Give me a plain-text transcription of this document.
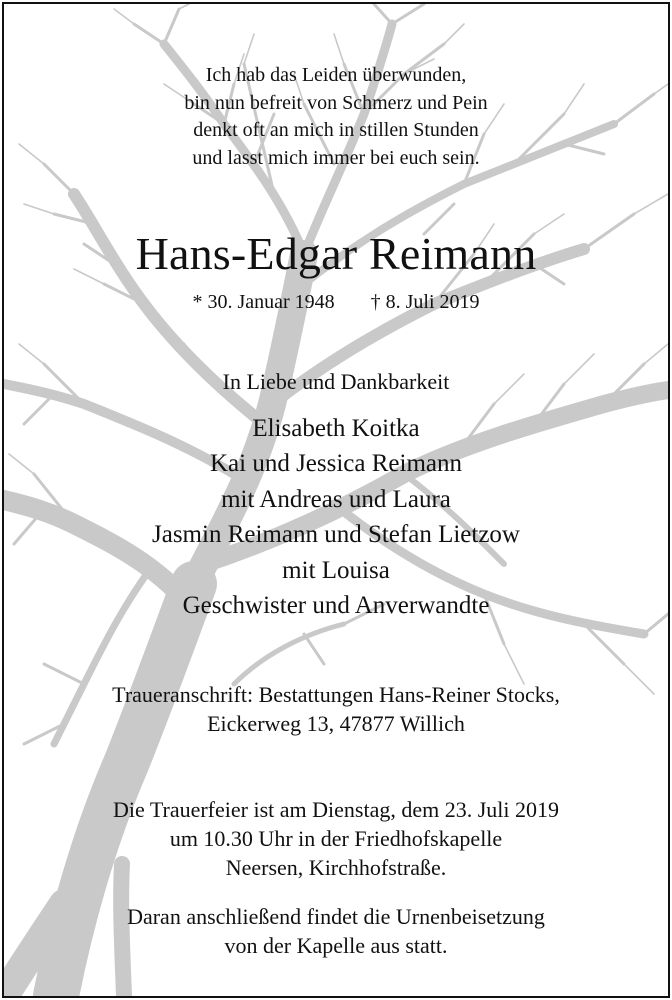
Ich hab das Leiden überwunden,
bin nun befreit von Schmerz und Pein
denkt oft an mich in stillen Stunden
und lasst mich immer bei euch sein.
Hans-Edgar Reimann
* 30. Januar 1948 † 8. Juli 2019
In Liebe und Dankbarkeit
Elisabeth Koitka
Kai und Jessica Reimann
mit Andreas und Laura
Jasmin Reimann und Stefan Lietzow
mit Louisa
Geschwister und Anverwandte
Traueranschrift: Bestattungen Hans-Reiner Stocks,
Eickerweg 13, 47877 Willich
Die Trauerfeier ist am Dienstag, dem 23. Juli 2019
um 10.30 Uhr in der Friedhofskapelle
Neersen, Kirchhofstraße.
Daran anschließend findet die Urnenbeisetzung
von der Kapelle aus statt.
